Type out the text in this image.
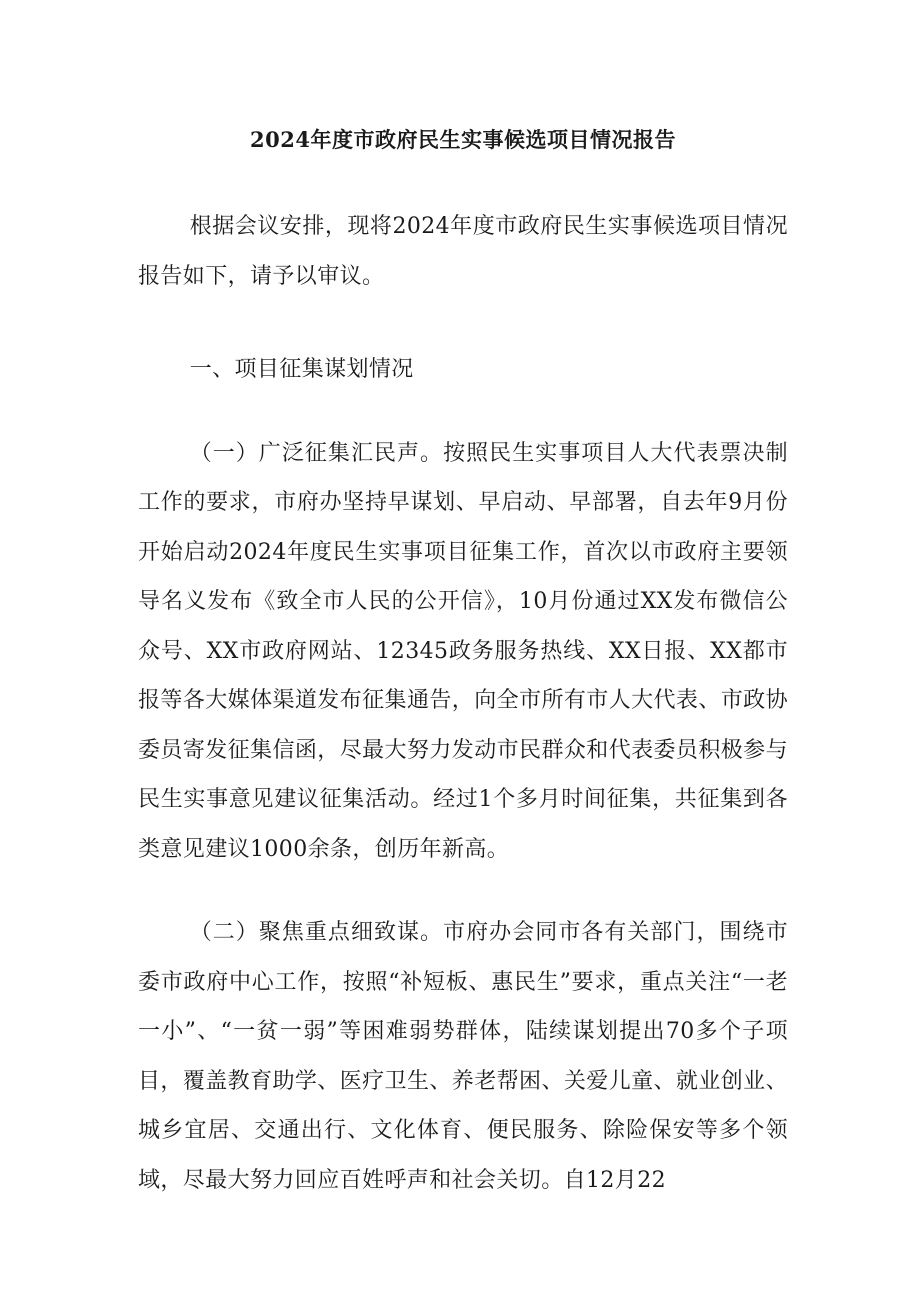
2024年度市政府民生实事候选项目情况报告

根据会议安排，现将2024年度市政府民生实事候选项目情况报告如下，请予以审议。

一、项目征集谋划情况

（一）广泛征集汇民声。按照民生实事项目人大代表票决制工作的要求，市府办坚持早谋划、早启动、早部署，自去年9月份开始启动2024年度民生实事项目征集工作，首次以市政府主要领导名义发布《致全市人民的公开信》，10月份通过XX发布微信公众号、XX市政府网站、12345政务服务热线、XX日报、XX都市报等各大媒体渠道发布征集通告，向全市所有市人大代表、市政协委员寄发征集信函，尽最大努力发动市民群众和代表委员积极参与民生实事意见建议征集活动。经过1个多月时间征集，共征集到各类意见建议1000余条，创历年新高。

（二）聚焦重点细致谋。市府办会同市各有关部门，围绕市委市政府中心工作，按照“补短板、惠民生”要求，重点关注“一老一小”、“一贫一弱”等困难弱势群体，陆续谋划提出70多个子项目，覆盖教育助学、医疗卫生、养老帮困、关爱儿童、就业创业、城乡宜居、交通出行、文化体育、便民服务、除险保安等多个领域，尽最大努力回应百姓呼声和社会关切。自12月22
